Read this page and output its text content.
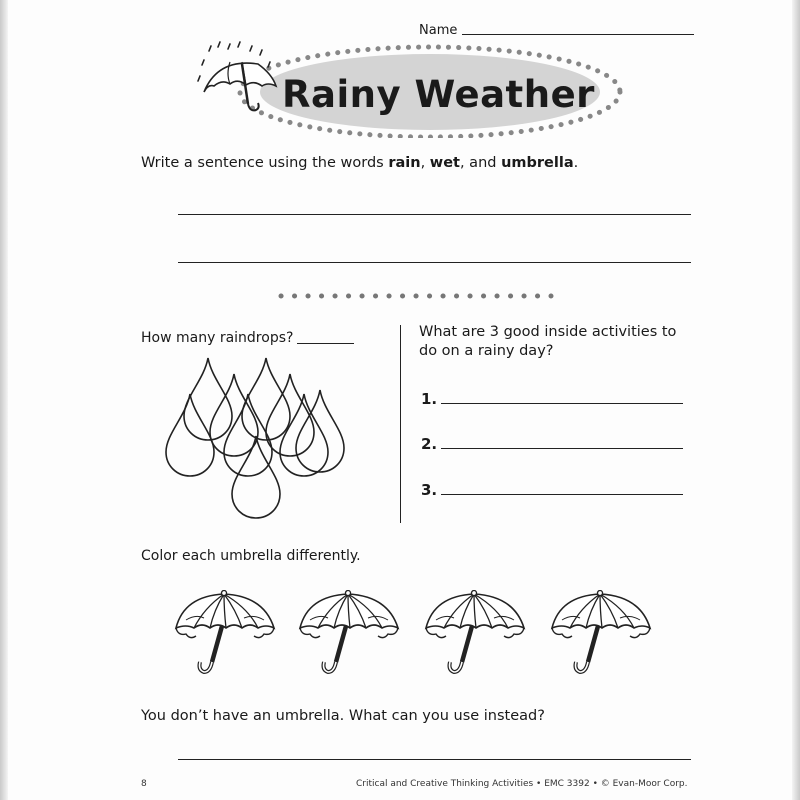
Name
Rainy Weather
Write a sentence using the words rain, wet, and umbrella.
How many raindrops?	What are 3 good inside activities to
do on a rainy day?
1.
2.
3.
Color each umbrella differently.
You don’t have an umbrella. What can you use instead?
8	Critical and Creative Thinking Activities • EMC 3392 • © Evan-Moor Corp.
